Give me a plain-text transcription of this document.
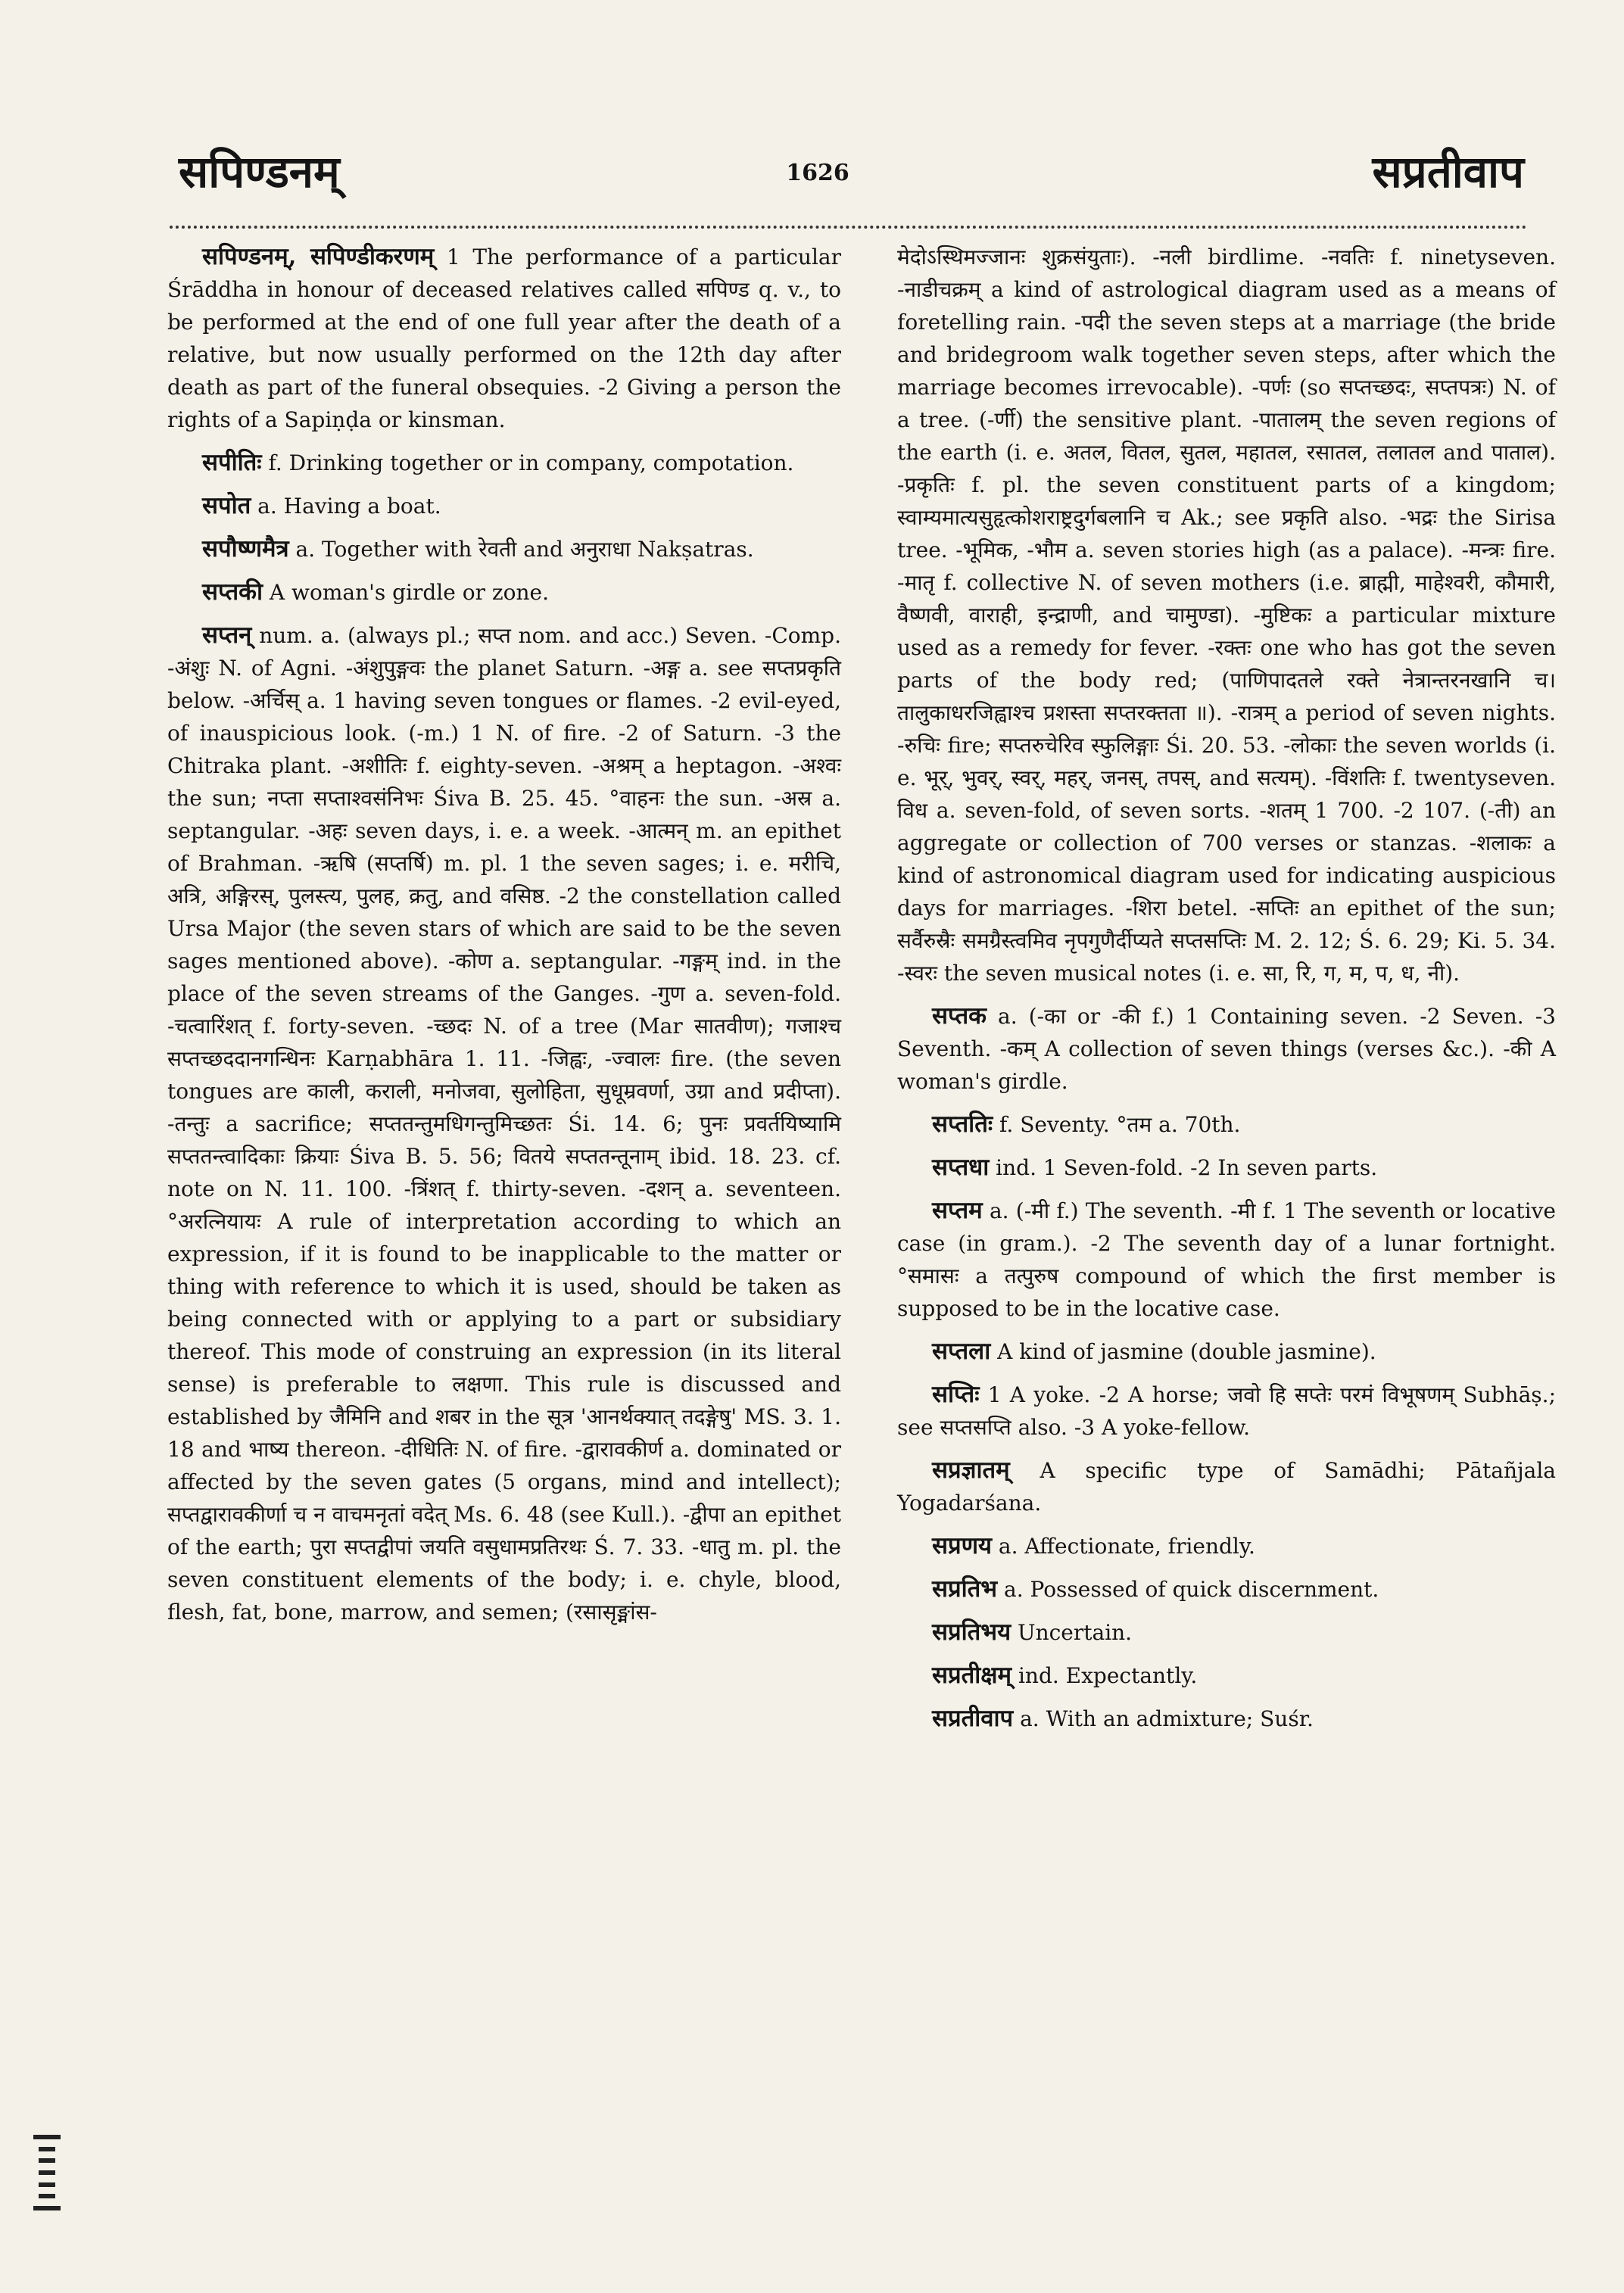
सपिण्डनम्	1626	सप्रतीवाप

सपिण्डनम्, सपिण्डीकरणम् 1 The performance of a particular Śrāddha in honour of deceased relatives called सपिण्ड q. v., to be performed at the end of one full year after the death of a relative, but now usually performed on the 12th day after death as part of the funeral obsequies. -2 Giving a person the rights of a Sapiṇḍa or kinsman.

सपीतिः f. Drinking together or in company, compotation.

सपोत a. Having a boat.

सपौष्णमैत्र a. Together with रेवती and अनुराधा Nakṣatras.

सप्तकी A woman's girdle or zone.

सप्तन् num. a. (always pl.; सप्त nom. and acc.) Seven. -Comp. -अंशुः N. of Agni. -अंशुपुङ्गवः the planet Saturn. -अङ्ग a. see सप्तप्रकृति below. -अर्चिस् a. 1 having seven tongues or flames. -2 evil-eyed, of inauspicious look. (-m.) 1 N. of fire. -2 of Saturn. -3 the Chitraka plant. -अशीतिः f. eighty-seven. -अश्रम् a heptagon. -अश्वः the sun; नप्ता सप्ताश्वसंनिभः Śiva B. 25. 45. °वाहनः the sun. -अस्र a. septangular. -अहः seven days, i. e. a week. -आत्मन् m. an epithet of Brahman. -ऋषि (सप्तर्षि) m. pl. 1 the seven sages; i. e. मरीचि, अत्रि, अङ्गिरस्, पुलस्त्य, पुलह, क्रतु, and वसिष्ठ. -2 the constellation called Ursa Major (the seven stars of which are said to be the seven sages mentioned above). -कोण a. septangular. -गङ्गम् ind. in the place of the seven streams of the Ganges. -गुण a. seven-fold. -चत्वारिंशत् f. forty-seven. -च्छदः N. of a tree (Mar सातवीण); गजाश्च सप्तच्छददानगन्धिनः Karṇabhāra 1. 11. -जिह्वः, -ज्वालः fire. (the seven tongues are काली, कराली, मनोजवा, सुलोहिता, सुधूम्रवर्णा, उग्रा and प्रदीप्ता). -तन्तुः a sacrifice; सप्ततन्तुमधिगन्तुमिच्छतः Śi. 14. 6; पुनः प्रवर्तयिष्यामि सप्ततन्त्वादिकाः क्रियाः Śiva B. 5. 56; वितये सप्ततन्तूनाम् ibid. 18. 23. cf. note on N. 11. 100. -त्रिंशत् f. thirty-seven. -दशन् a. seventeen. °अरत्नियायः A rule of interpretation according to which an expression, if it is found to be inapplicable to the matter or thing with reference to which it is used, should be taken as being connected with or applying to a part or subsidiary thereof. This mode of construing an expression (in its literal sense) is preferable to लक्षणा. This rule is discussed and established by जैमिनि and शबर in the सूत्र 'आनर्थक्यात् तदङ्गेषु' MS. 3. 1. 18 and भाष्य thereon. -दीधितिः N. of fire. -द्वारावकीर्ण a. dominated or affected by the seven gates (5 organs, mind and intellect); सप्तद्वारावकीर्णा च न वाचमनृतां वदेत् Ms. 6. 48 (see Kull.). -द्वीपा an epithet of the earth; पुरा सप्तद्वीपां जयति वसुधामप्रतिरथः Ś. 7. 33. -धातु m. pl. the seven constituent elements of the body; i. e. chyle, blood, flesh, fat, bone, marrow, and semen; (रसासृङ्मांस-

मेदोऽस्थिमज्जानः शुक्रसंयुताः). -नली birdlime. -नवतिः f. ninetyseven. -नाडीचक्रम् a kind of astrological diagram used as a means of foretelling rain. -पदी the seven steps at a marriage (the bride and bridegroom walk together seven steps, after which the marriage becomes irrevocable). -पर्णः (so सप्तच्छदः, सप्तपत्रः) N. of a tree. (-र्णी) the sensitive plant. -पातालम् the seven regions of the earth (i. e. अतल, वितल, सुतल, महातल, रसातल, तलातल and पाताल). -प्रकृतिः f. pl. the seven constituent parts of a kingdom; स्वाम्यमात्यसुहृत्कोशराष्ट्रदुर्गबलानि च Ak.; see प्रकृति also. -भद्रः the Sirisa tree. -भूमिक, -भौम a. seven stories high (as a palace). -मन्त्रः fire. -मातृ f. collective N. of seven mothers (i.e. ब्राह्मी, माहेश्वरी, कौमारी, वैष्णवी, वाराही, इन्द्राणी, and चामुण्डा). -मुष्टिकः a particular mixture used as a remedy for fever. -रक्तः one who has got the seven parts of the body red; (पाणिपादतले रक्ते नेत्रान्तरनखानि च। तालुकाधरजिह्वाश्च प्रशस्ता सप्तरक्तता ॥). -रात्रम् a period of seven nights. -रुचिः fire; सप्तरुचेरिव स्फुलिङ्गाः Śi. 20. 53. -लोकाः the seven worlds (i. e. भूर्, भुवर्, स्वर्, महर्, जनस्, तपस्, and सत्यम्). -विंशतिः f. twentyseven. विध a. seven-fold, of seven sorts. -शतम् 1 700. -2 107. (-ती) an aggregate or collection of 700 verses or stanzas. -शलाकः a kind of astronomical diagram used for indicating auspicious days for marriages. -शिरा betel. -सप्तिः an epithet of the sun; सर्वैरुस्रैः समग्रैस्त्वमिव नृपगुणैर्दीप्यते सप्तसप्तिः M. 2. 12; Ś. 6. 29; Ki. 5. 34. -स्वरः the seven musical notes (i. e. सा, रि, ग, म, प, ध, नी).

सप्तक a. (-का or -की f.) 1 Containing seven. -2 Seven. -3 Seventh. -कम् A collection of seven things (verses &c.). -की A woman's girdle.

सप्ततिः f. Seventy. °तम a. 70th.

सप्तधा ind. 1 Seven-fold. -2 In seven parts.

सप्तम a. (-मी f.) The seventh. -मी f. 1 The seventh or locative case (in gram.). -2 The seventh day of a lunar fortnight. °समासः a तत्पुरुष compound of which the first member is supposed to be in the locative case.

सप्तला A kind of jasmine (double jasmine).

सप्तिः 1 A yoke. -2 A horse; जवो हि सप्तेः परमं विभूषणम् Subhāṣ.; see सप्तसप्ति also. -3 A yoke-fellow.

सप्रज्ञातम् A specific type of Samādhi; Pātañjala Yogadarśana.

सप्रणय a. Affectionate, friendly.

सप्रतिभ a. Possessed of quick discernment.

सप्रतिभय Uncertain.

सप्रतीक्षम् ind. Expectantly.

सप्रतीवाप a. With an admixture; Suśr.
